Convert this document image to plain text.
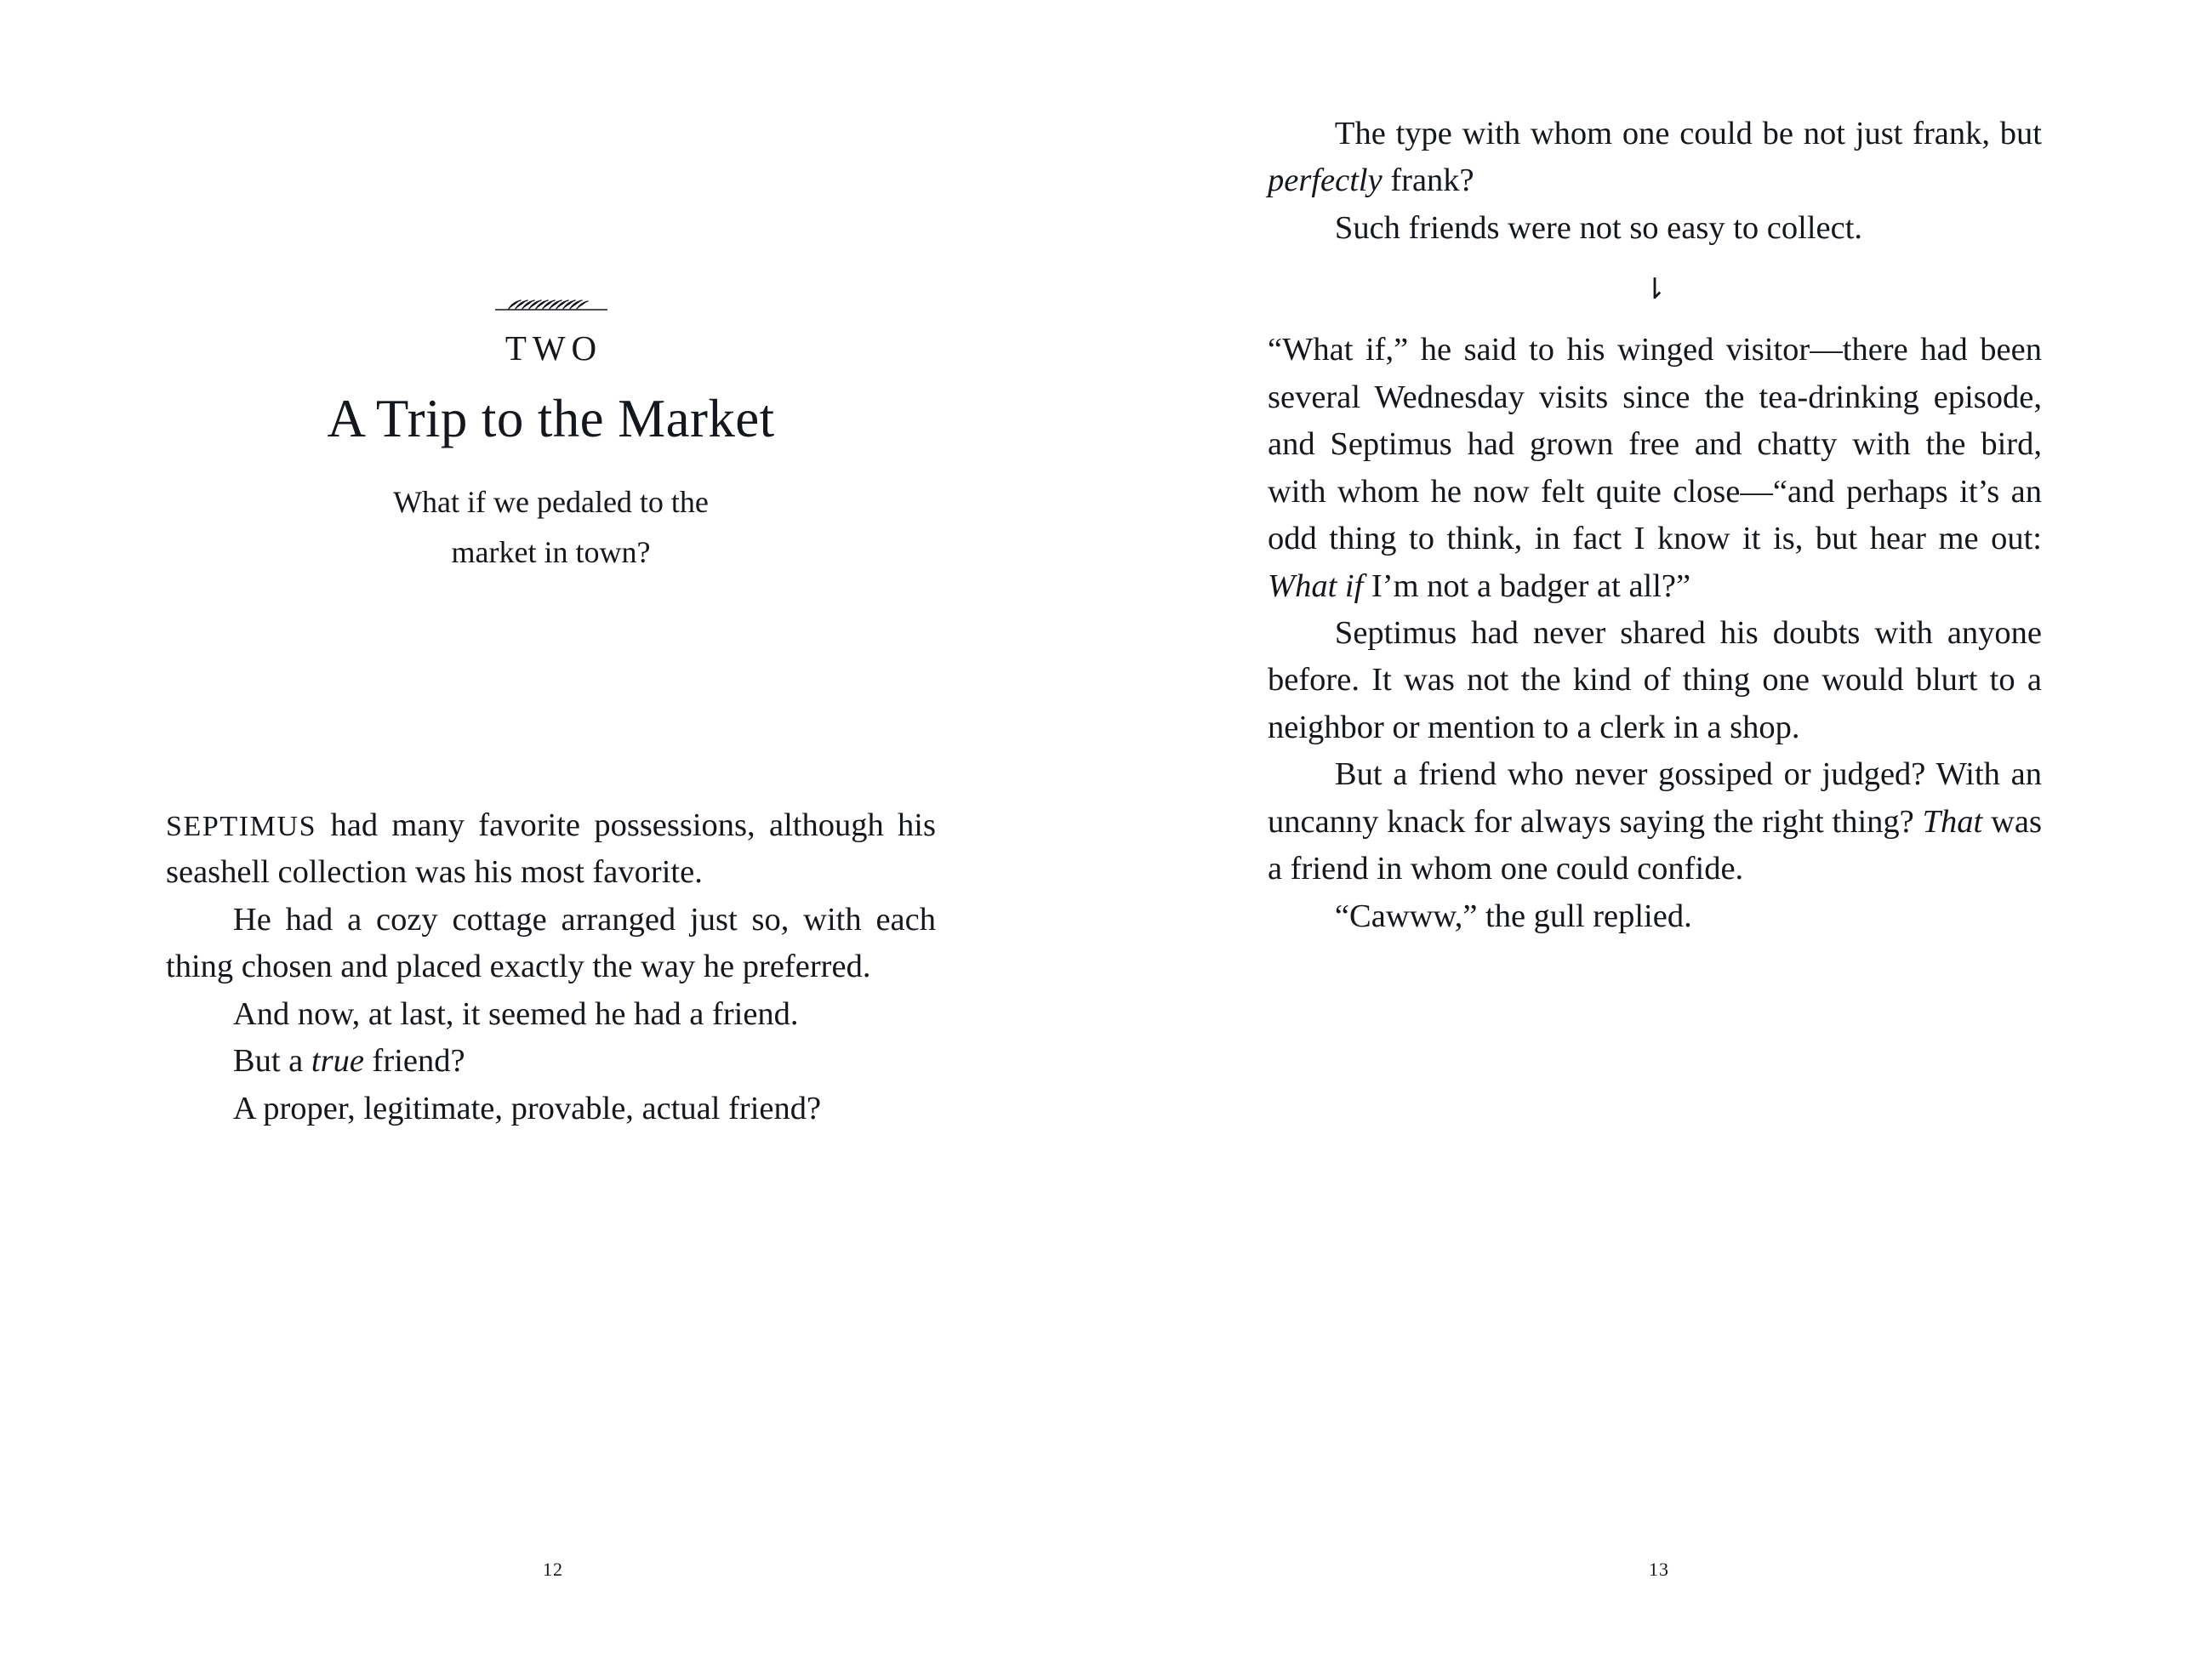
TWO
A Trip to the Market
What if we pedaled to the
market in town?

SEPTIMUS had many favorite possessions, although his seashell collection was his most favorite.

He had a cozy cottage arranged just so, with each thing chosen and placed exactly the way he preferred.

And now, at last, it seemed he had a friend.

But a true friend?

A proper, legitimate, provable, actual friend?

12

The type with whom one could be not just frank, but perfectly frank?

Such friends were not so easy to collect.

⇂

“What if,” he said to his winged visitor—there had been several Wednesday visits since the tea-drinking episode, and Septimus had grown free and chatty with the bird, with whom he now felt quite close—“and perhaps it’s an odd thing to think, in fact I know it is, but hear me out: What if I’m not a badger at all?”

Septimus had never shared his doubts with anyone before. It was not the kind of thing one would blurt to a neighbor or mention to a clerk in a shop.

But a friend who never gossiped or judged? With an uncanny knack for always saying the right thing? That was a friend in whom one could confide.

“Cawww,” the gull replied.

13
